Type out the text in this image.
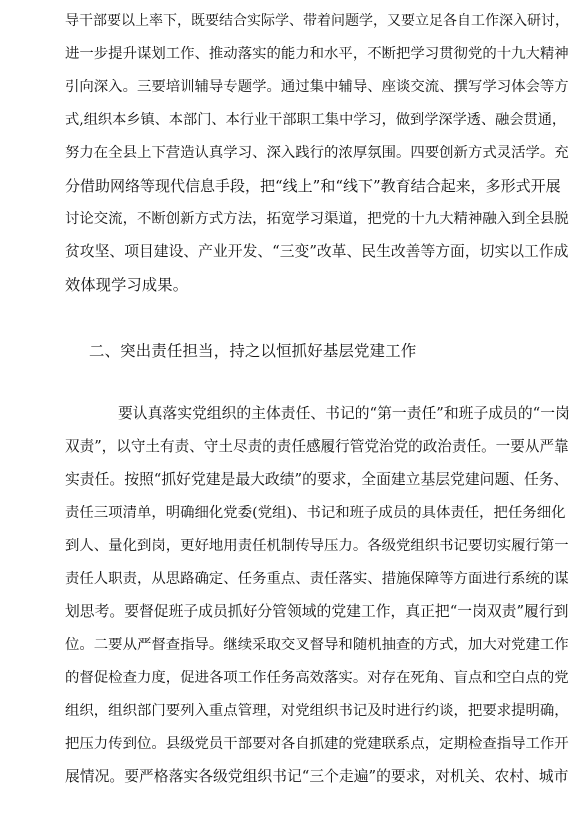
导干部要以上率下，既要结合实际学、带着问题学，又要立足各自工作深入研讨，
进一步提升谋划工作、推动落实的能力和水平，不断把学习贯彻党的十九大精神
引向深入。三要培训辅导专题学。通过集中辅导、座谈交流、撰写学习体会等方
式,组织本乡镇、本部门、本行业干部职工集中学习，做到学深学透、融会贯通，
努力在全县上下营造认真学习、深入践行的浓厚氛围。四要创新方式灵活学。充
分借助网络等现代信息手段，把“线上”和“线下”教育结合起来，多形式开展
讨论交流，不断创新方式方法，拓宽学习渠道，把党的十九大精神融入到全县脱
贫攻坚、项目建设、产业开发、“三变”改革、民生改善等方面，切实以工作成
效体现学习成果。
二、突出责任担当，持之以恒抓好基层党建工作
要认真落实党组织的主体责任、书记的“第一责任”和班子成员的“一岗
双责”，以守土有责、守土尽责的责任感履行管党治党的政治责任。一要从严靠
实责任。按照“抓好党建是最大政绩”的要求，全面建立基层党建问题、任务、
责任三项清单，明确细化党委(党组)、书记和班子成员的具体责任，把任务细化
到人、量化到岗，更好地用责任机制传导压力。各级党组织书记要切实履行第一
责任人职责，从思路确定、任务重点、责任落实、措施保障等方面进行系统的谋
划思考。要督促班子成员抓好分管领域的党建工作，真正把“一岗双责”履行到
位。二要从严督查指导。继续采取交叉督导和随机抽查的方式，加大对党建工作
的督促检查力度，促进各项工作任务高效落实。对存在死角、盲点和空白点的党
组织，组织部门要列入重点管理，对党组织书记及时进行约谈，把要求提明确，
把压力传到位。县级党员干部要对各自抓建的党建联系点，定期检查指导工作开
展情况。要严格落实各级党组织书记“三个走遍”的要求，对机关、农村、城市
